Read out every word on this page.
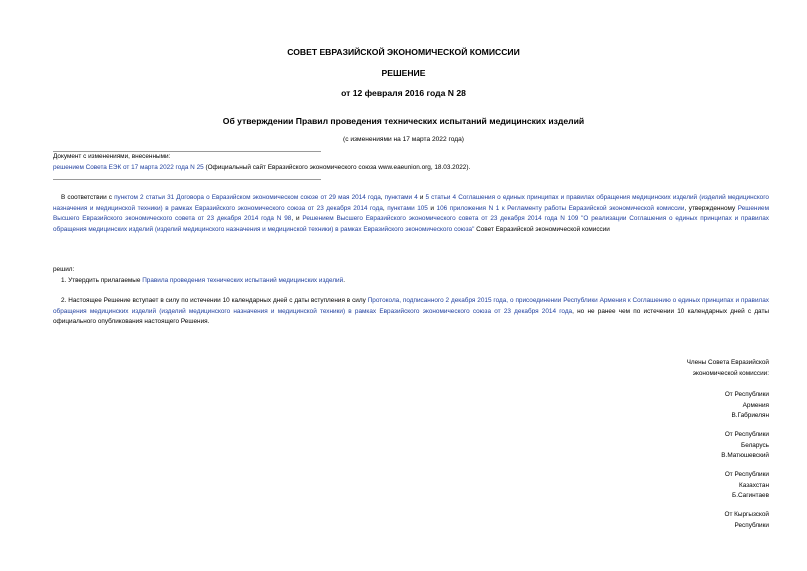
СОВЕТ ЕВРАЗИЙСКОЙ ЭКОНОМИЧЕСКОЙ КОМИССИИ
РЕШЕНИЕ
от 12 февраля 2016 года N 28
Об утверждении Правил проведения технических испытаний медицинских изделий
(с изменениями на 17 марта 2022 года)
Документ с изменениями, внесенными:
решением Совета ЕЭК от 17 марта 2022 года N 25 (Официальный сайт Евразийского экономического союза www.eaeunion.org, 18.03.2022).
В соответствии с пунктом 2 статьи 31 Договора о Евразийском экономическом союзе от 29 мая 2014 года, пунктами 4 и 5 статьи 4 Соглашения о единых принципах и правилах обращения медицинских изделий (изделий медицинского назначения и медицинской техники) в рамках Евразийского экономического союза от 23 декабря 2014 года, пунктами 105 и 106 приложения N 1 к Регламенту работы Евразийской экономической комиссии, утвержденному Решением Высшего Евразийского экономического совета от 23 декабря 2014 года N 98, и Решением Высшего Евразийского экономического совета от 23 декабря 2014 года N 109 "О реализации Соглашения о единых принципах и правилах обращения медицинских изделий (изделий медицинского назначения и медицинской техники) в рамках Евразийского экономического союза" Совет Евразийской экономической комиссии
решил:
1. Утвердить прилагаемые Правила проведения технических испытаний медицинских изделий.
2. Настоящее Решение вступает в силу по истечении 10 календарных дней с даты вступления в силу Протокола, подписанного 2 декабря 2015 года, о присоединении Республики Армения к Соглашению о единых принципах и правилах обращения медицинских изделий (изделий медицинского назначения и медицинской техники) в рамках Евразийского экономического союза от 23 декабря 2014 года, но не ранее чем по истечении 10 календарных дней с даты официального опубликования настоящего Решения.
Члены Совета Евразийской
экономической комиссии:
От Республики
Армения
В.Габриелян
От Республики
Беларусь
В.Матюшевский
От Республики
Казахстан
Б.Сагинтаев
От Кыргызской
Республики
